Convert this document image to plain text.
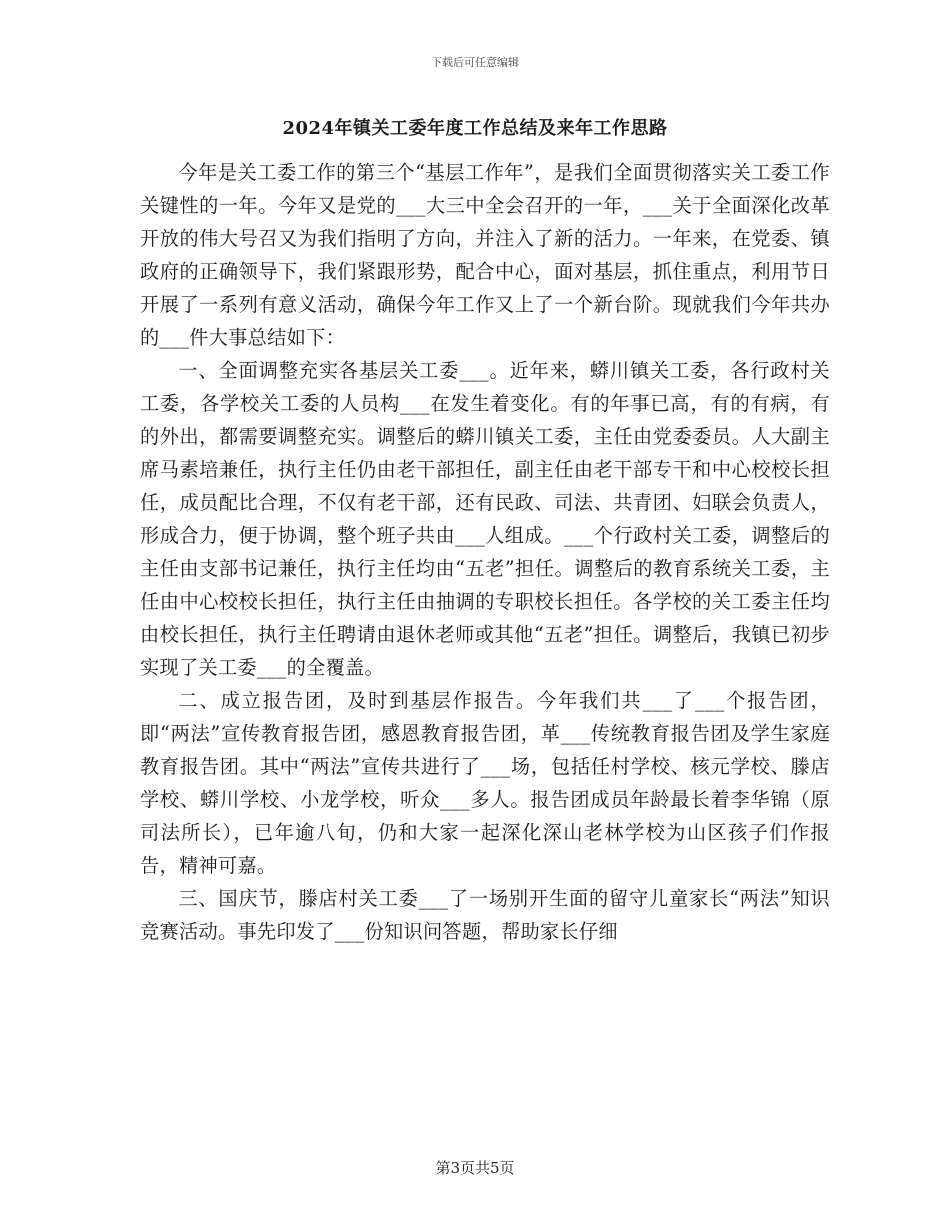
下载后可任意编辑
2024年镇关工委年度工作总结及来年工作思路

今年是关工委工作的第三个“基层工作年”，是我们全面贯彻落实关工委工作关键性的一年。今年又是党的___大三中全会召开的一年，___关于全面深化改革开放的伟大号召又为我们指明了方向，并注入了新的活力。一年来，在党委、镇政府的正确领导下，我们紧跟形势，配合中心，面对基层，抓住重点，利用节日开展了一系列有意义活动，确保今年工作又上了一个新台阶。现就我们今年共办的___件大事总结如下：

一、全面调整充实各基层关工委___。近年来，蟒川镇关工委，各行政村关工委，各学校关工委的人员构___在发生着变化。有的年事已高，有的有病，有的外出，都需要调整充实。调整后的蟒川镇关工委，主任由党委委员。人大副主席马素培兼任，执行主任仍由老干部担任，副主任由老干部专干和中心校校长担任，成员配比合理，不仅有老干部，还有民政、司法、共青团、妇联会负责人，形成合力，便于协调，整个班子共由___人组成。___个行政村关工委，调整后的主任由支部书记兼任，执行主任均由“五老”担任。调整后的教育系统关工委，主任由中心校校长担任，执行主任由抽调的专职校长担任。各学校的关工委主任均由校长担任，执行主任聘请由退休老师或其他“五老”担任。调整后，我镇已初步实现了关工委___的全覆盖。

二、成立报告团，及时到基层作报告。今年我们共___了___个报告团，即“两法”宣传教育报告团，感恩教育报告团，革___传统教育报告团及学生家庭教育报告团。其中“两法”宣传共进行了___场，包括任村学校、核元学校、滕店学校、蟒川学校、小龙学校，听众___多人。报告团成员年龄最长着李华锦（原司法所长），已年逾八旬，仍和大家一起深化深山老林学校为山区孩子们作报告，精神可嘉。

三、国庆节，滕店村关工委___了一场别开生面的留守儿童家长“两法”知识竞赛活动。事先印发了___份知识问答题，帮助家长仔细

第3页共5页
